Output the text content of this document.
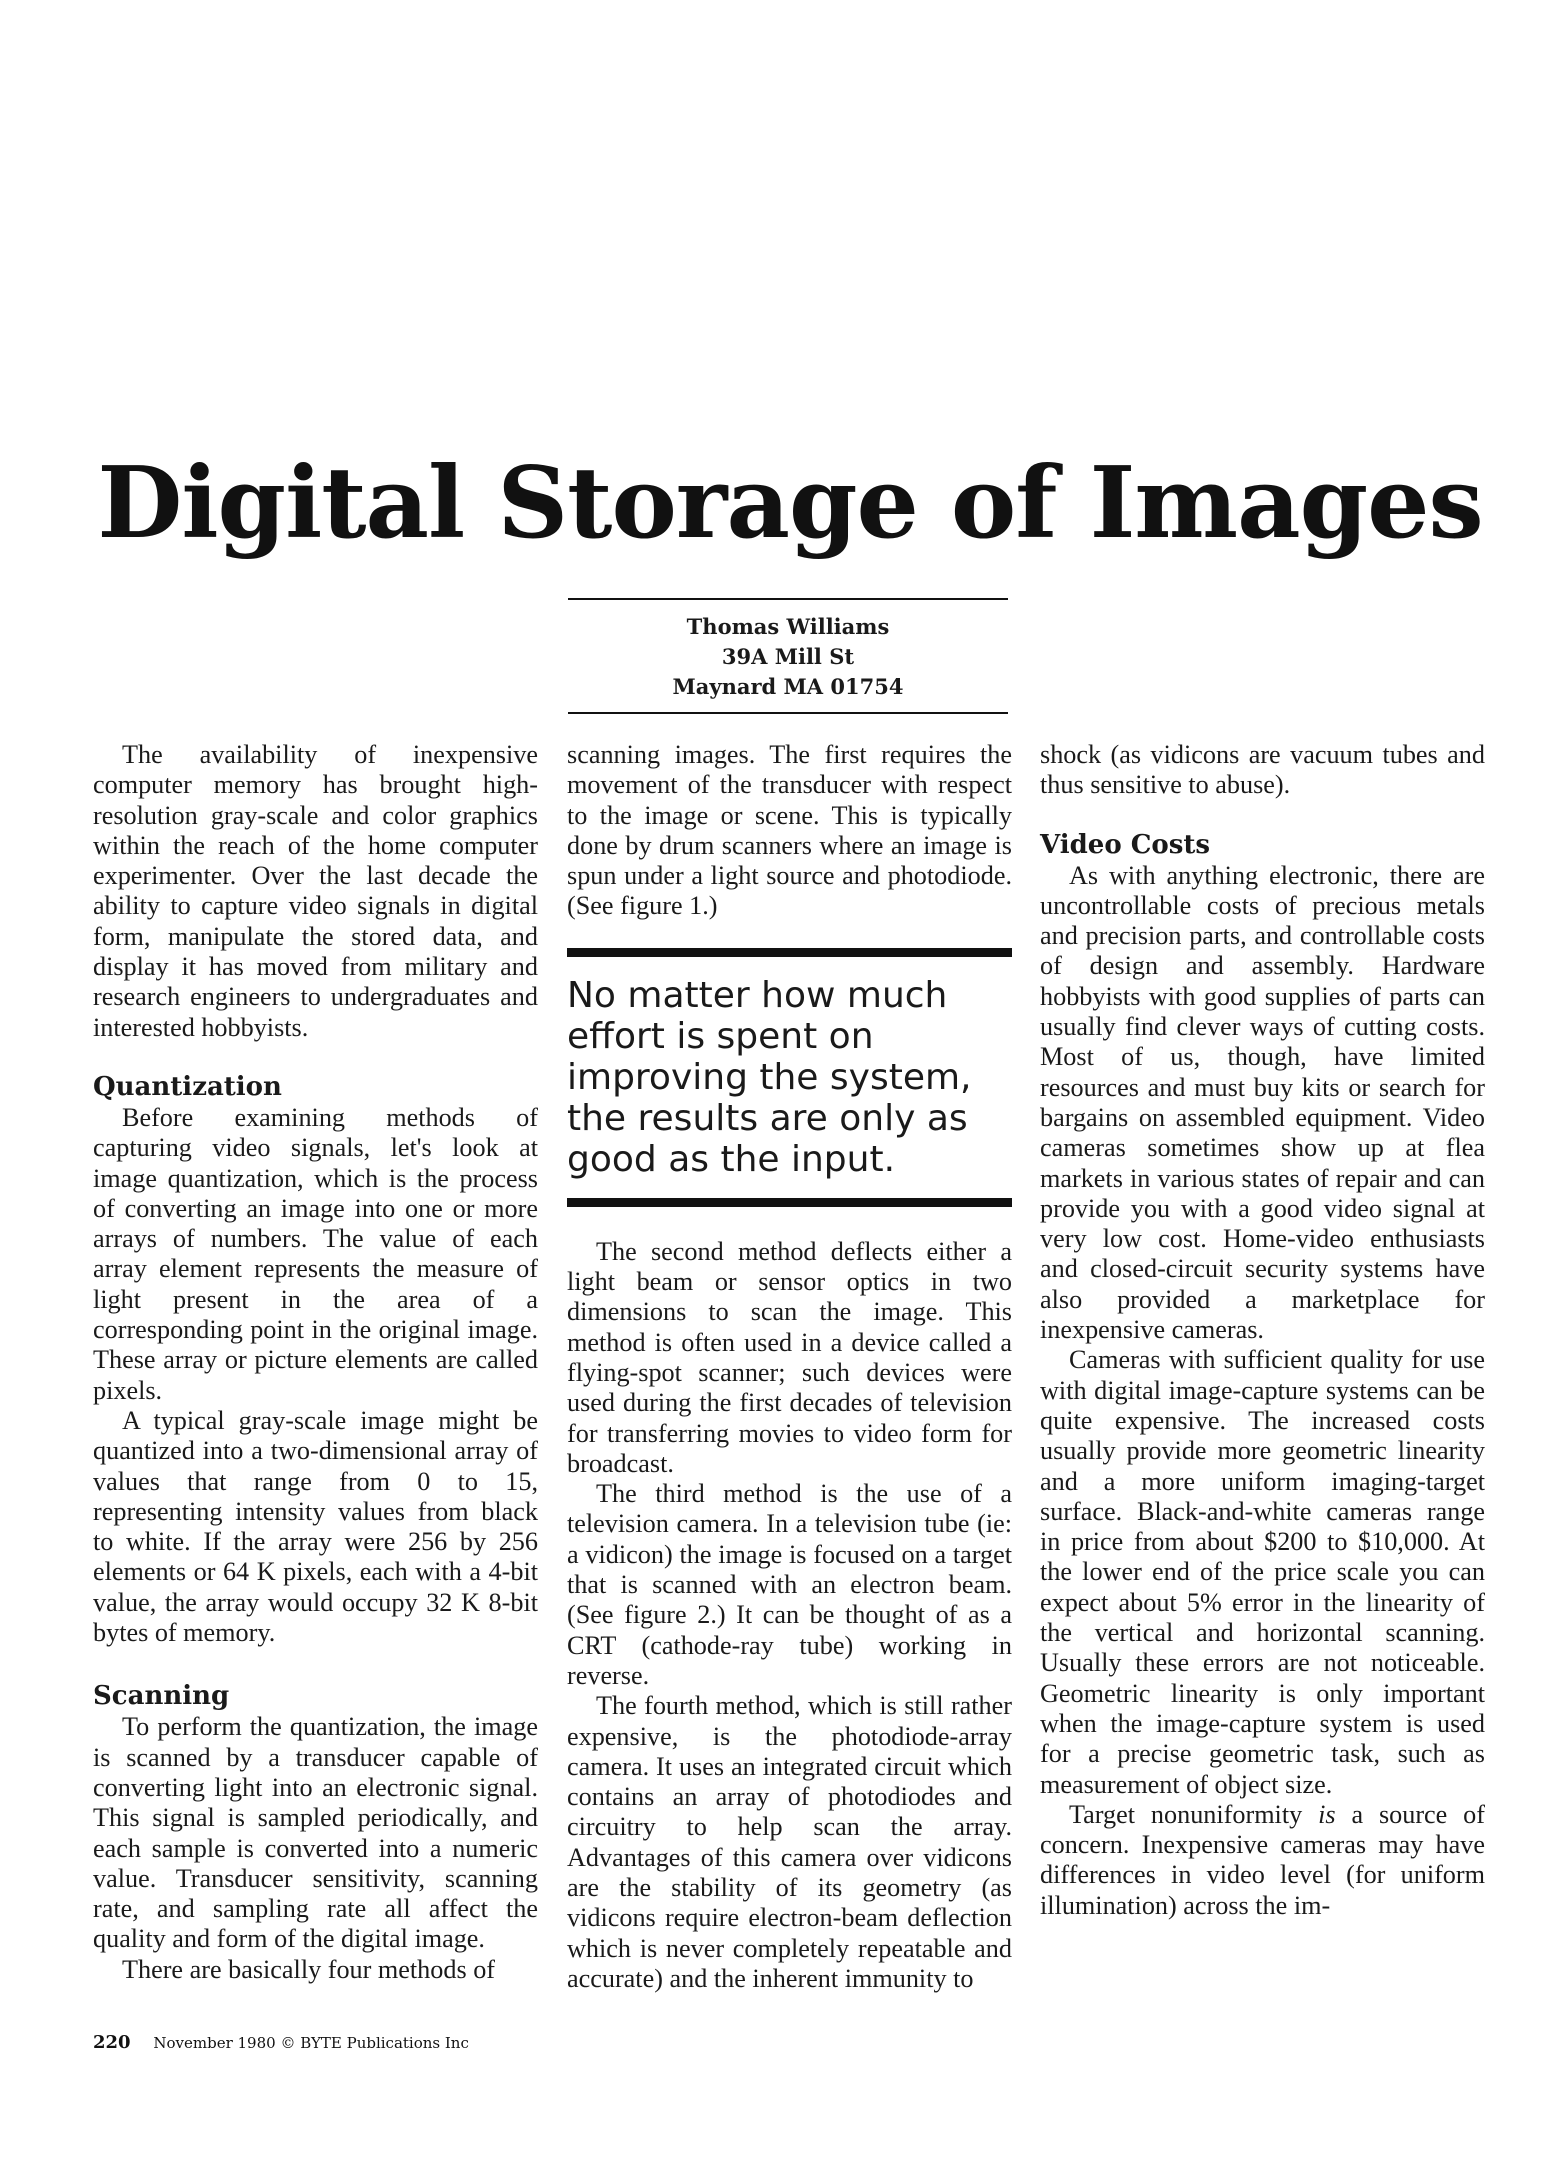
Digital Storage of Images
Thomas Williams
39A Mill St
Maynard MA 01754

The availability of inexpensive computer memory has brought high-resolution gray-scale and color graphics within the reach of the home computer experimenter. Over the last decade the ability to capture video signals in digital form, manipulate the stored data, and display it has moved from military and research engineers to undergraduates and interested hobbyists.

Quantization

Before examining methods of capturing video signals, let's look at image quantization, which is the process of converting an image into one or more arrays of numbers. The value of each array element represents the measure of light present in the area of a corresponding point in the original image. These array or picture elements are called pixels.

A typical gray-scale image might be quantized into a two-dimensional array of values that range from 0 to 15, representing intensity values from black to white. If the array were 256 by 256 elements or 64 K pixels, each with a 4-bit value, the array would occupy 32 K 8-bit bytes of memory.

Scanning

To perform the quantization, the image is scanned by a transducer capable of converting light into an electronic signal. This signal is sampled periodically, and each sample is converted into a numeric value. Transducer sensitivity, scanning rate, and sampling rate all affect the quality and form of the digital image.

There are basically four methods of

scanning images. The first requires the movement of the transducer with respect to the image or scene. This is typically done by drum scanners where an image is spun under a light source and photodiode. (See figure 1.)

No matter how much effort is spent on improving the system, the results are only as good as the input.

The second method deflects either a light beam or sensor optics in two dimensions to scan the image. This method is often used in a device called a flying-spot scanner; such devices were used during the first decades of television for transferring movies to video form for broadcast.

The third method is the use of a television camera. In a television tube (ie: a vidicon) the image is focused on a target that is scanned with an electron beam. (See figure 2.) It can be thought of as a CRT (cathode-ray tube) working in reverse.

The fourth method, which is still rather expensive, is the photodiode-array camera. It uses an integrated circuit which contains an array of photodiodes and circuitry to help scan the array. Advantages of this camera over vidicons are the stability of its geometry (as vidicons require electron-beam deflection which is never completely repeatable and accurate) and the inherent immunity to

shock (as vidicons are vacuum tubes and thus sensitive to abuse).

Video Costs

As with anything electronic, there are uncontrollable costs of precious metals and precision parts, and controllable costs of design and assembly. Hardware hobbyists with good supplies of parts can usually find clever ways of cutting costs. Most of us, though, have limited resources and must buy kits or search for bargains on assembled equipment. Video cameras sometimes show up at flea markets in various states of repair and can provide you with a good video signal at very low cost. Home-video enthusiasts and closed-circuit security systems have also provided a marketplace for inexpensive cameras.

Cameras with sufficient quality for use with digital image-capture systems can be quite expensive. The increased costs usually provide more geometric linearity and a more uniform imaging-target surface. Black-and-white cameras range in price from about $200 to $10,000. At the lower end of the price scale you can expect about 5% error in the linearity of the vertical and horizontal scanning. Usually these errors are not noticeable. Geometric linearity is only important when the image-capture system is used for a precise geometric task, such as measurement of object size.

Target nonuniformity is a source of concern. Inexpensive cameras may have differences in video level (for uniform illumination) across the im-

220 November 1980 © BYTE Publications Inc
